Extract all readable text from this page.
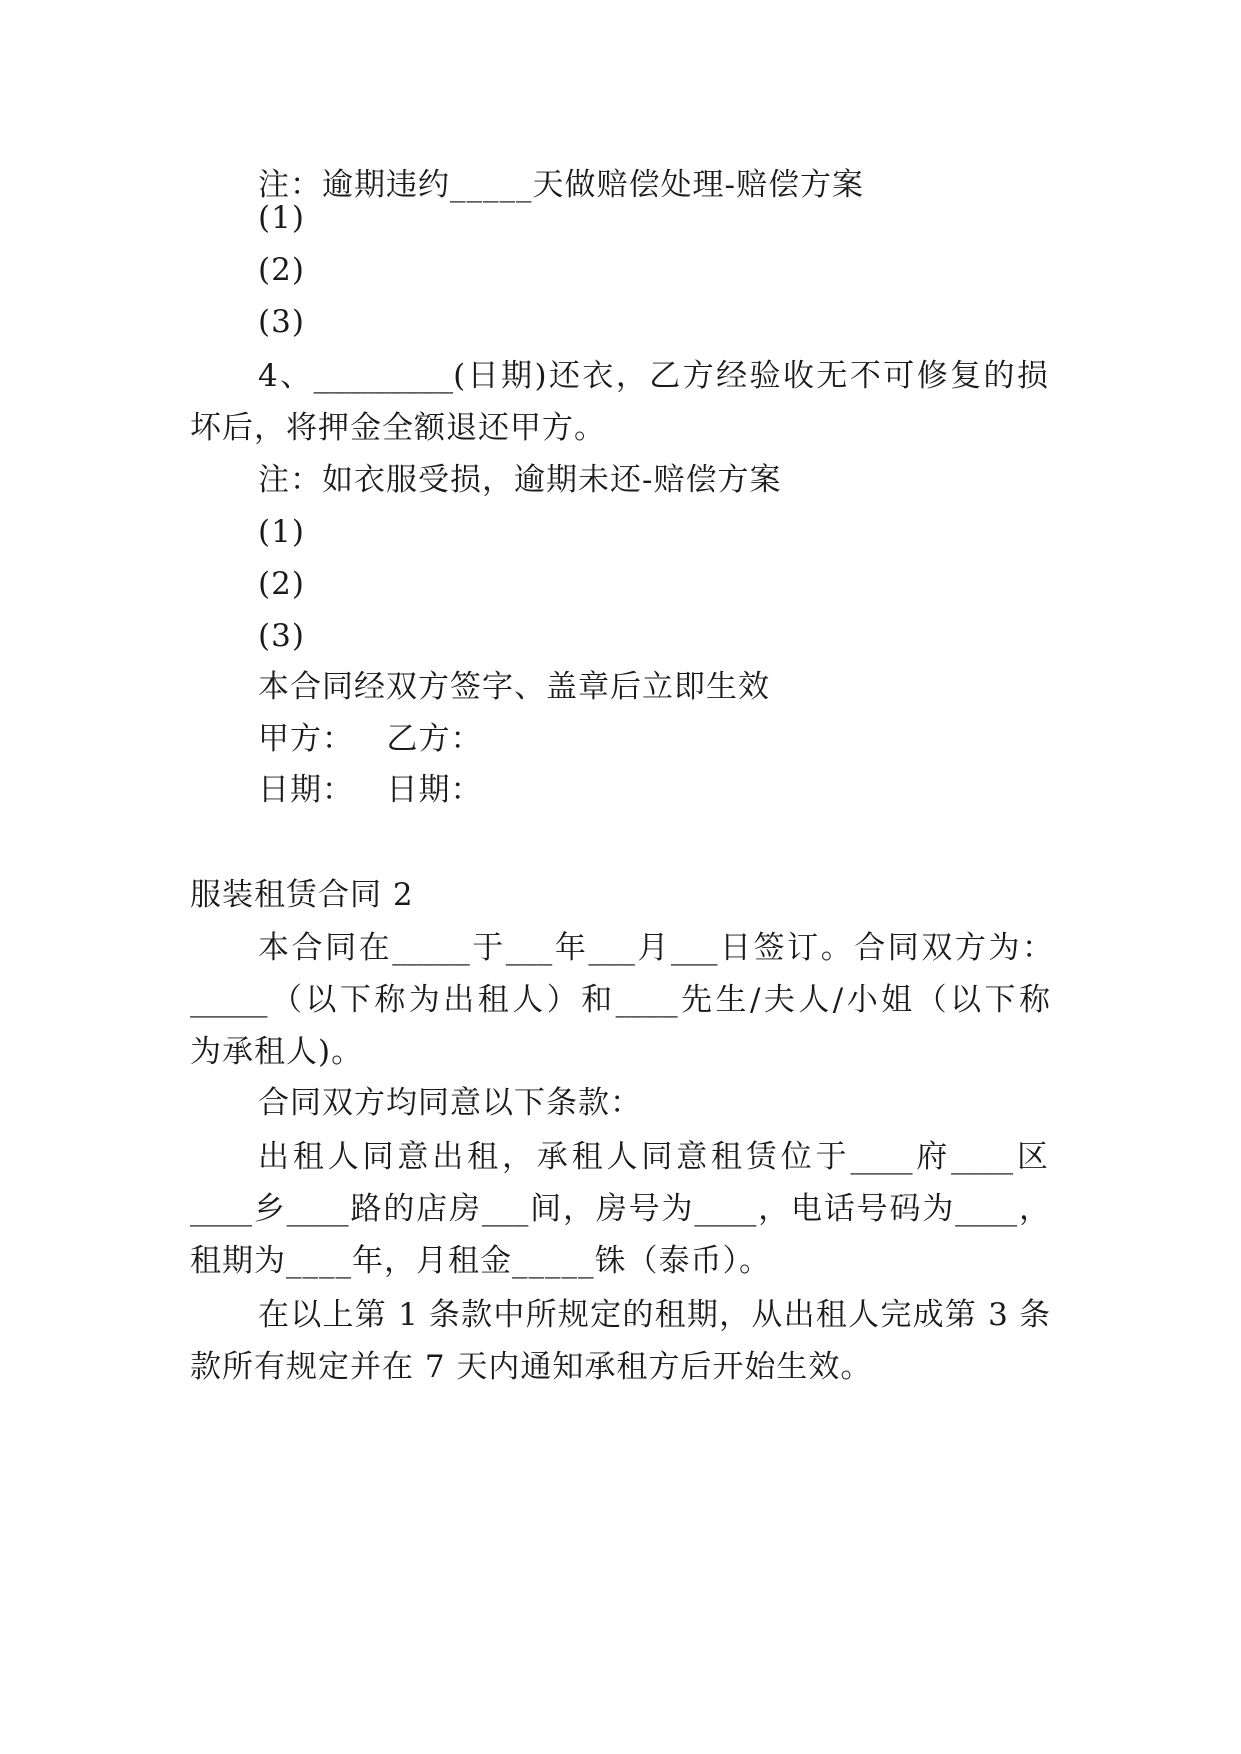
注：逾期违约_____天做赔偿处理-赔偿方案
(1)
(2)
(3)
4、_________(日期)还衣，乙方经验收无不可修复的损
坏后，将押金全额退还甲方。
注：如衣服受损，逾期未还-赔偿方案
(1)
(2)
(3)
本合同经双方签字、盖章后立即生效
甲方：   乙方：
日期：   日期：
服装租赁合同 2
本合同在_____于___年___月___日签订。合同双方为：
_____（以下称为出租人）和____先生/夫人/小姐（以下称
为承租人)。
合同双方均同意以下条款：
出租人同意出租，承租人同意租赁位于____府____区
____乡____路的店房___间，房号为____，电话号码为____，
租期为____年，月租金_____铢（泰币）。
在以上第 1 条款中所规定的租期，从出租人完成第 3 条
款所有规定并在 7 天内通知承租方后开始生效。
